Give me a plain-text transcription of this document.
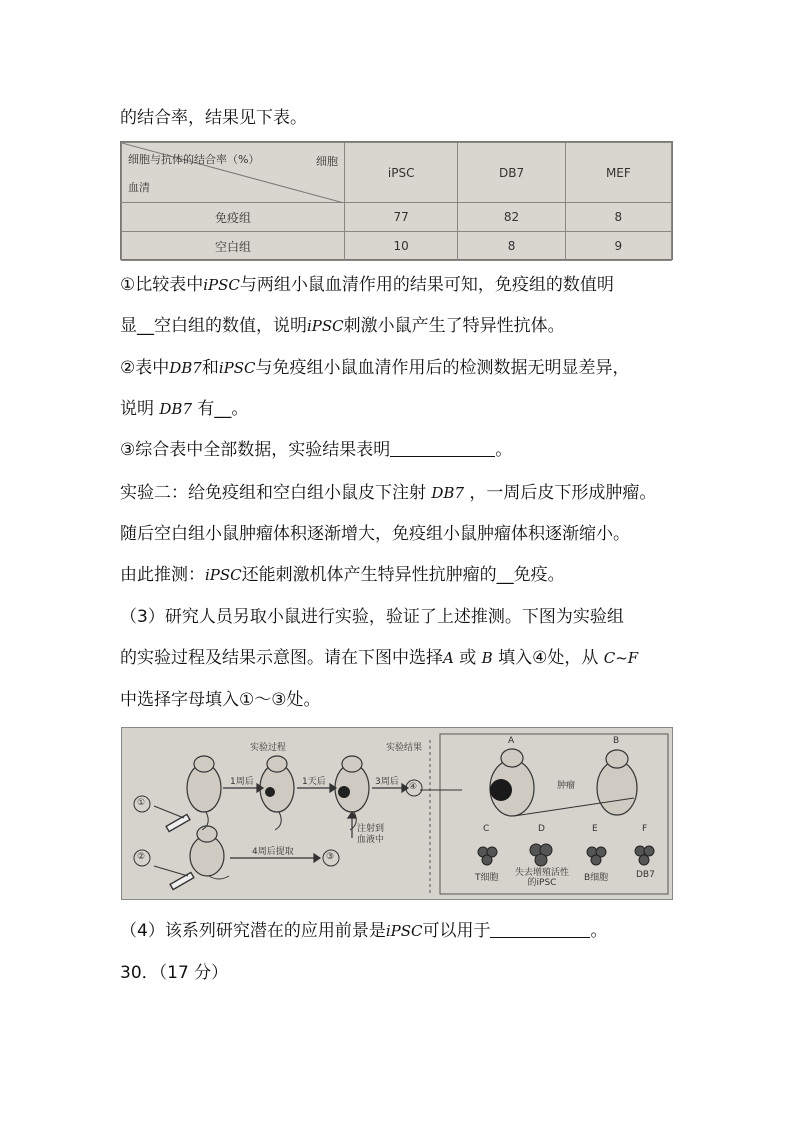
的结合率，结果见下表。
细胞与抗体的结合率（%） 细胞
血清	iPSC	DB7	MEF
免疫组	77	82	8
空白组	10	8	9
①比较表中iPSC与两组小鼠血清作用的结果可知，免疫组的数值明
显__空白组的数值，说明iPSC刺激小鼠产生了特异性抗体。
②表中DB7和iPSC与免疫组小鼠血清作用后的检测数据无明显差异，
说明 DB7 有__。
③综合表中全部数据，实验结果表明	。
实验二：给免疫组和空白组小鼠皮下注射 DB7 ，一周后皮下形成肿瘤。
随后空白组小鼠肿瘤体积逐渐增大，免疫组小鼠肿瘤体积逐渐缩小。
由此推测：iPSC还能刺激机体产生特异性抗肿瘤的__免疫。
（3）研究人员另取小鼠进行实验，验证了上述推测。下图为实验组
的实验过程及结果示意图。请在下图中选择A 或 B 填入④处，从 C~F
中选择字母填入①～③处。
实验过程	实验结果
1周后	1天后	3周后
4周后提取
注射到
血液中
①
②	③
④
A	B
肿瘤
C	D	E	F
T细胞 失去增殖活性的iPSC	B细胞	DB7
（4）该系列研究潜在的应用前景是iPSC可以用于	。
30．（17 分）
